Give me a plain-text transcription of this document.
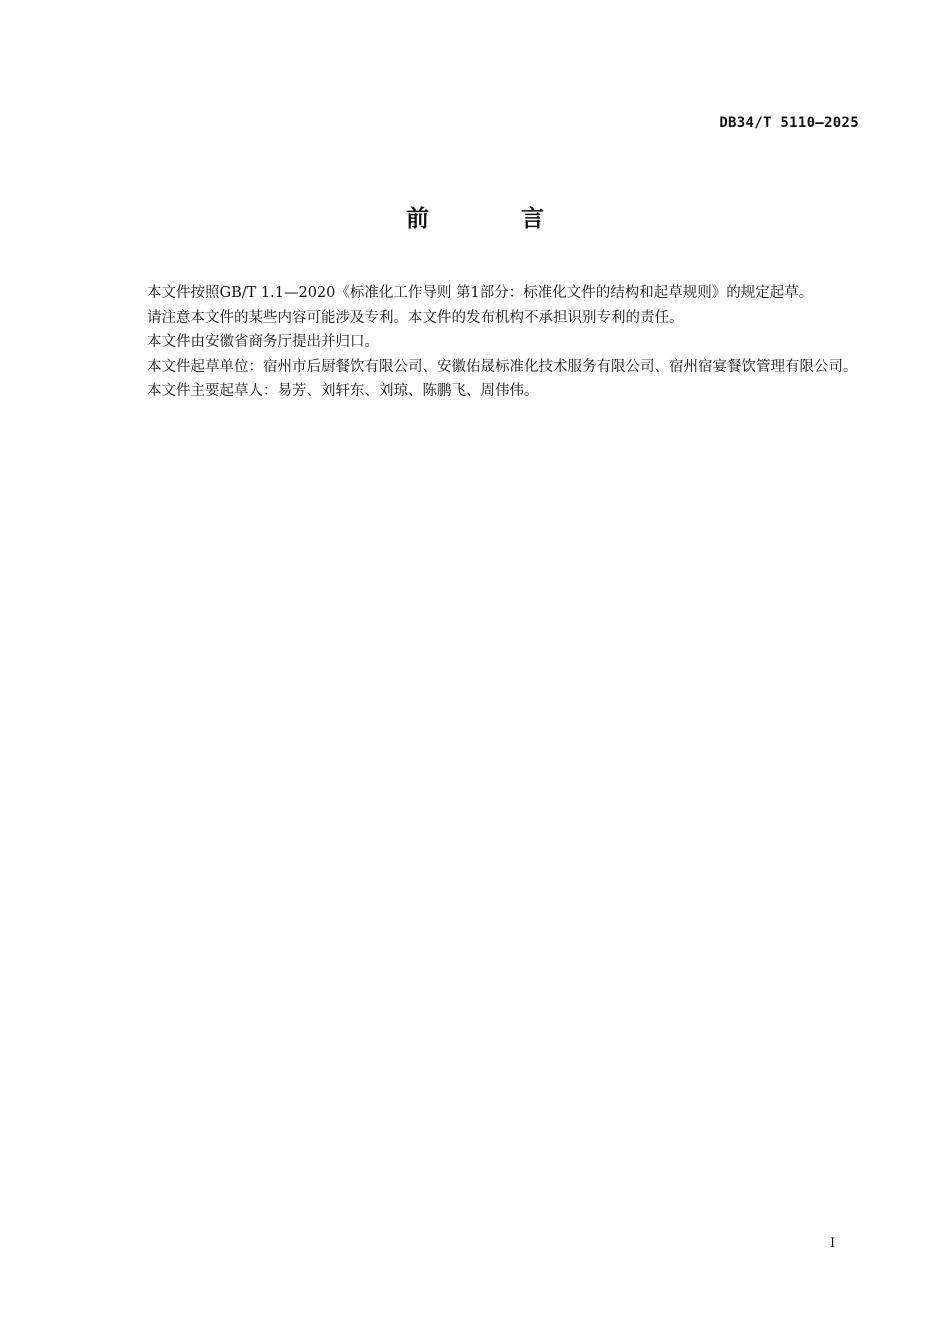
DB34/T 5110—2025
前 言

本文件按照GB/T 1.1—2020《标准化工作导则 第1部分：标准化文件的结构和起草规则》的规定起草。

请注意本文件的某些内容可能涉及专利。本文件的发布机构不承担识别专利的责任。

本文件由安徽省商务厅提出并归口。

本文件起草单位：宿州市后厨餐饮有限公司、安徽佑晟标准化技术服务有限公司、宿州宿宴餐饮管理有限公司。

本文件主要起草人：易芳、刘轩东、刘琼、陈鹏飞、周伟伟。

I
